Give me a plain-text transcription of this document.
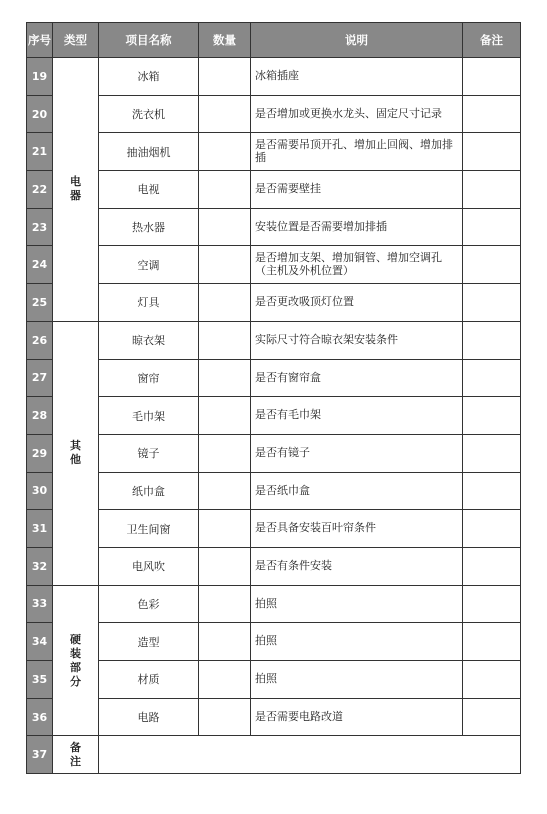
序号	类型	项目名称	数量	说明	备注
19	电器	冰箱		冰箱插座	
20		洗衣机		是否增加或更换水龙头、固定尺寸记录	
21		抽油烟机		是否需要吊顶开孔、增加止回阀、增加排插	
22		电视		是否需要壁挂	
23		热水器		安装位置是否需要增加排插	
24		空调		是否增加支架、增加铜管、增加空调孔（主机及外机位置）	
25		灯具		是否更改吸顶灯位置	
26	其他	晾衣架		实际尺寸符合晾衣架安装条件	
27		窗帘		是否有窗帘盒	
28		毛巾架		是否有毛巾架	
29		镜子		是否有镜子	
30		纸巾盒		是否纸巾盒	
31		卫生间窗		是否具备安装百叶帘条件	
32		电风吹		是否有条件安装	
33	硬装部分	色彩		拍照	
34		造型		拍照	
35		材质		拍照	
36		电路		是否需要电路改道	
37	备注				
